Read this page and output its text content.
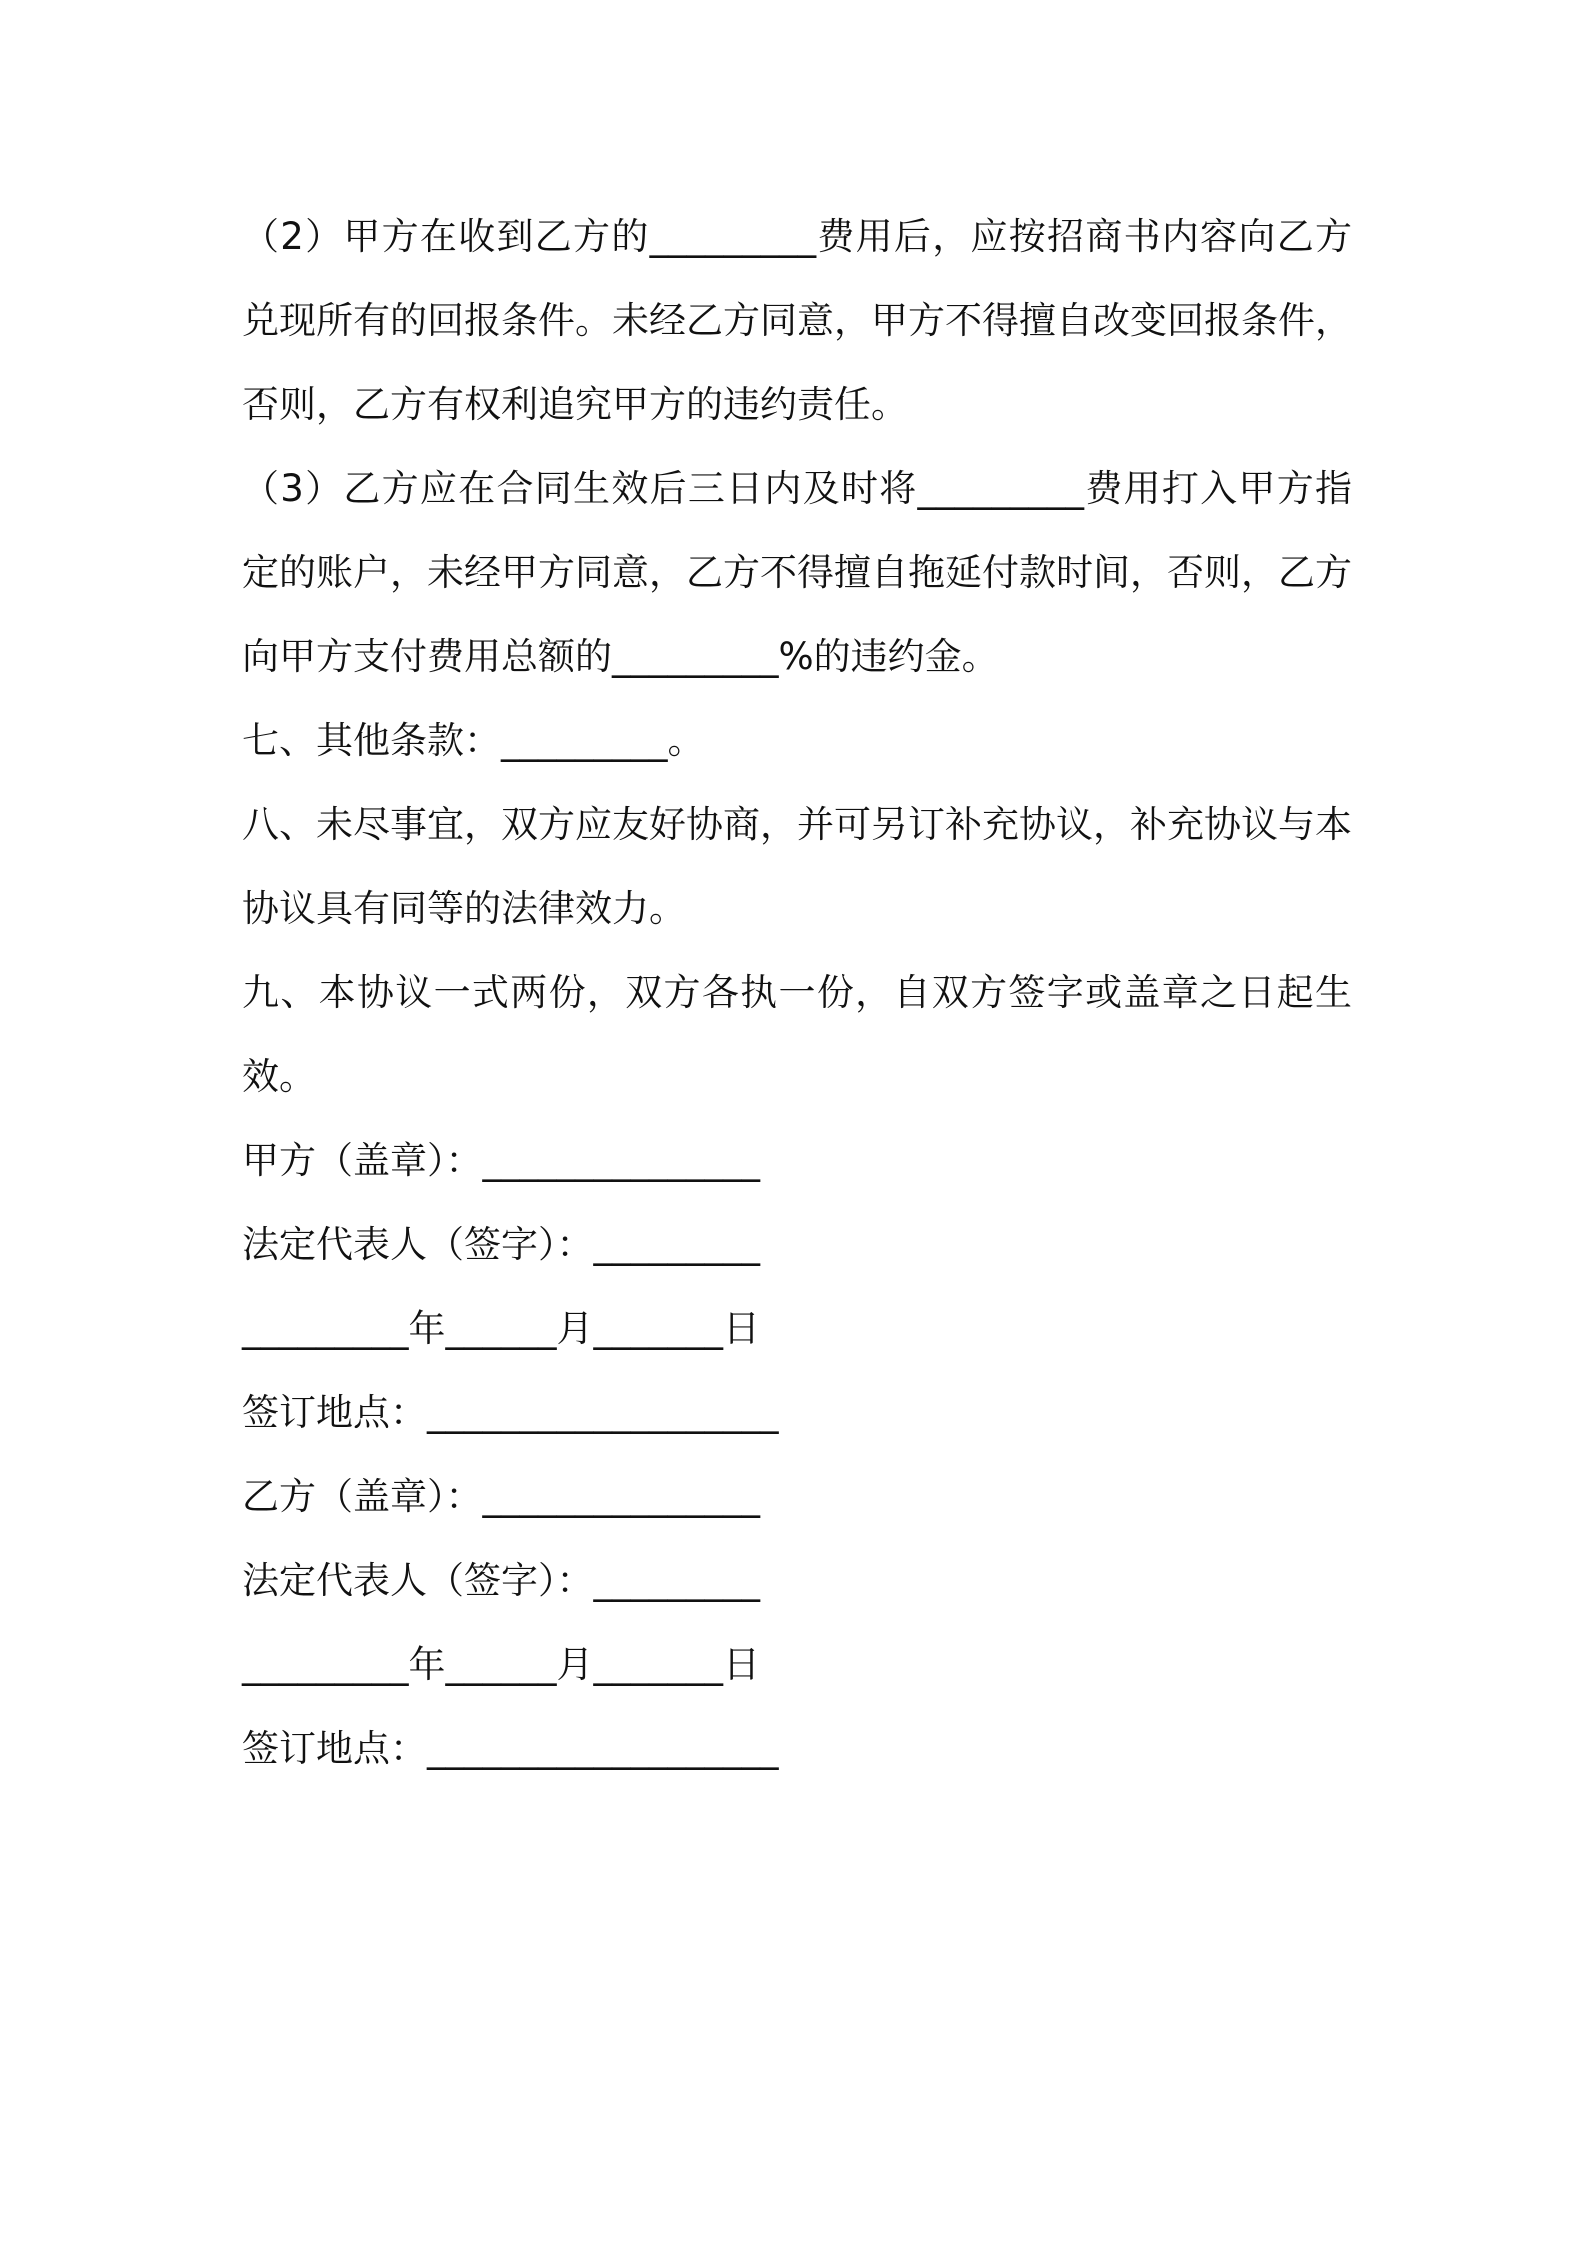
（2）甲方在收到乙方的_________费用后，应按招商书内容向乙方兑现所有的回报条件。未经乙方同意，甲方不得擅自改变回报条件，否则，乙方有权利追究甲方的违约责任。

（3）乙方应在合同生效后三日内及时将_________费用打入甲方指定的账户，未经甲方同意，乙方不得擅自拖延付款时间，否则，乙方向甲方支付费用总额的_________%的违约金。

七、其他条款：_________。

八、未尽事宜，双方应友好协商，并可另订补充协议，补充协议与本协议具有同等的法律效力。

九、本协议一式两份，双方各执一份，自双方签字或盖章之日起生效。

甲方（盖章）：_______________
法定代表人（签字）：_________
_________年______月_______日
签订地点：___________________
乙方（盖章）：_______________
法定代表人（签字）：_________
_________年______月_______日
签订地点：___________________
